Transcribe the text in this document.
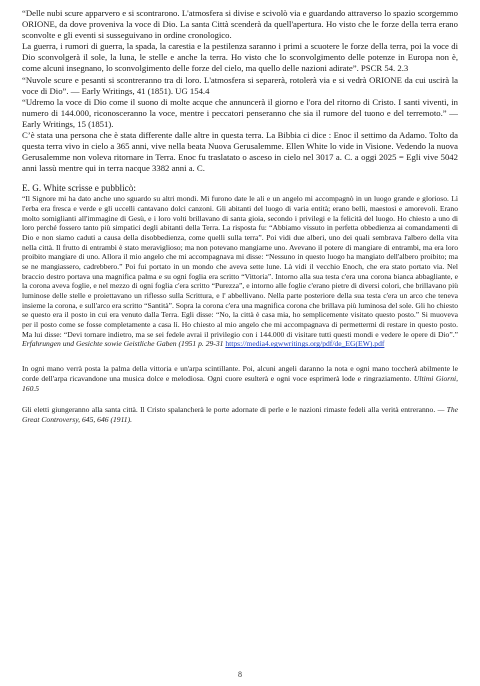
“Delle nubi scure apparvero e si scontrarono. L'atmosfera si divise e scivolò via e guardando attraverso lo spazio scorgemmo ORIONE, da dove proveniva la voce di Dio. La santa Città scenderà da quell'apertura. Ho visto che le forze della terra erano sconvolte e gli eventi si susseguivano in ordine cronologico.

La guerra, i rumori di guerra, la spada, la carestia e la pestilenza saranno i primi a scuotere le forze della terra, poi la voce di Dio sconvolgerà il sole, la luna, le stelle e anche la terra. Ho visto che lo sconvolgimento delle potenze in Europa non è, come alcuni insegnano, lo sconvolgimento delle forze del cielo, ma quello delle nazioni adirate”. PSCR 54. 2.3

“Nuvole scure e pesanti si scontreranno tra di loro. L'atmosfera si separerà, rotolerà via e si vedrà ORIONE da cui uscirà la voce di Dio”. — Early Writings, 41 (1851). UG 154.4

“Udremo la voce di Dio come il suono di molte acque che annuncerà il giorno e l'ora del ritorno di Cristo. I santi viventi, in numero di 144.000, riconosceranno la voce, mentre i peccatori penseranno che sia il rumore del tuono e del terremoto.” — Early Writings, 15 (1851).

C’è stata una persona che è stata differente dalle altre in questa terra. La Bibbia ci dice : Enoc il settimo da Adamo. Tolto da questa terra vivo in cielo a 365 anni, vive nella beata Nuova Gerusalemme. Ellen White lo vide in Visione. Vedendo la nuova Gerusalemme non voleva ritornare in Terra. Enoc fu traslatato o asceso in cielo nel 3017 a. C. a oggi 2025 = Egli vive 5042 anni lassù mentre qui in terra nacque 3382 anni a. C.

E. G. White scrisse e pubblicò:

“Il Signore mi ha dato anche uno sguardo su altri mondi. Mi furono date le ali e un angelo mi accompagnò in un luogo grande e glorioso. Lì l'erba era fresca e verde e gli uccelli cantavano dolci canzoni. Gli abitanti del luogo di varia entità; erano belli, maestosi e amorevoli. Erano molto somiglianti all'immagine di Gesù, e i loro volti brillavano di santa gioia, secondo i privilegi e la felicità del luogo. Ho chiesto a uno di loro perché fossero tanto più simpatici degli abitanti della Terra. La risposta fu: “Abbiamo vissuto in perfetta obbedienza ai comandamenti di Dio e non siamo caduti a causa della disobbedienza, come quelli sulla terra”. Poi vidi due alberi, uno dei quali sembrava l'albero della vita nella città. Il frutto di entrambi è stato meraviglioso; ma non potevano mangiarne uno. Avevano il potere di mangiare di entrambi, ma era loro proibito mangiare di uno. Allora il mio angelo che mi accompagnava mi disse: “Nessuno in questo luogo ha mangiato dell'albero proibito; ma se ne mangiassero, cadrebbero.” Poi fui portato in un mondo che aveva sette lune. Là vidi il vecchio Enoch, che era stato portato via. Nel braccio destro portava una magnifica palma e su ogni foglia era scritto “Vittoria”. Intorno alla sua testa c'era una corona bianca abbagliante, e la corona aveva foglie, e nel mezzo di ogni foglia c'era scritto “Purezza”, e intorno alle foglie c'erano pietre di diversi colori, che brillavano più luminose delle stelle e proiettavano un riflesso sulla Scrittura, e l' abbellivano. Nella parte posteriore della sua testa c'era un arco che teneva insieme la corona, e sull'arco era scritto “Santità”. Sopra la corona c'era una magnifica corona che brillava più luminosa del sole. Gli ho chiesto se questo era il posto in cui era venuto dalla Terra. Egli disse: “No, la città è casa mia, ho semplicemente visitato questo posto.” Si muoveva per il posto come se fosse completamente a casa lì. Ho chiesto al mio angelo che mi accompagnava di permettermi di restare in questo posto. Ma lui disse: “Devi tornare indietro, ma se sei fedele avrai il privilegio con i 144.000 di visitare tutti questi mondi e vedere le opere di Dio”.” Erfahrungen und Gesichte sowie Geistliche Gaben (1951 p. 29-31 https://media4.egwwritings.org/pdf/de_EG(EW).pdf

In ogni mano verrà posta la palma della vittoria e un'arpa scintillante. Poi, alcuni angeli daranno la nota e ogni mano toccherà abilmente le corde dell'arpa ricavandone una musica dolce e melodiosa. Ogni cuore esulterà e ogni voce esprimerà lode e ringraziamento. Ultimi Giorni, 160.5

Gli eletti giungeranno alla santa città. Il Cristo spalancherà le porte adornate di perle e le nazioni rimaste fedeli alla verità entreranno. — The Great Controversy, 645, 646 (1911).

8
